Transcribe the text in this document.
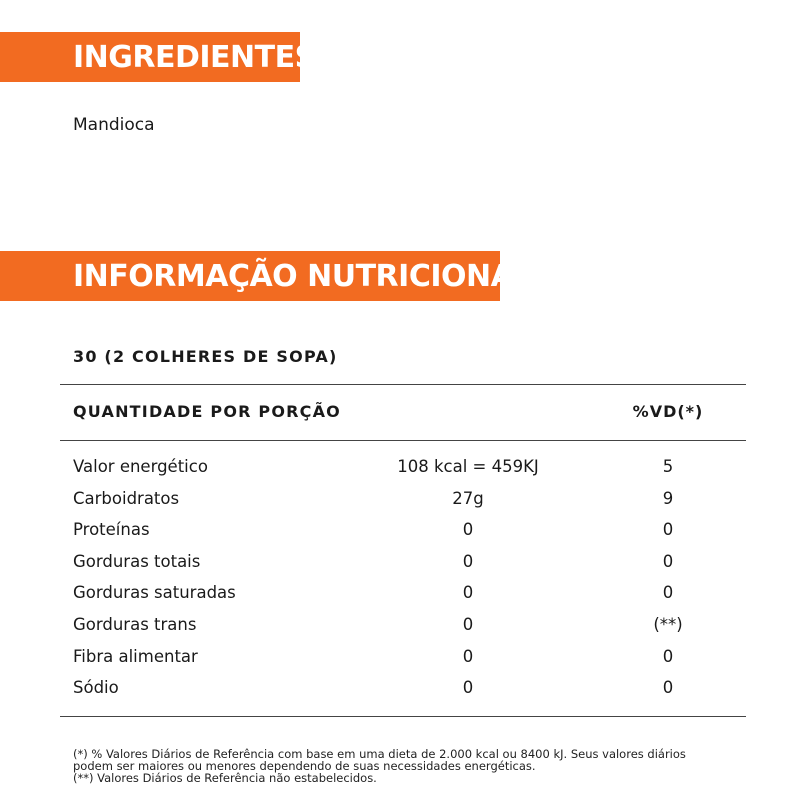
INGREDIENTES
Mandioca
INFORMAÇÃO NUTRICIONAL
30 (2 COLHERES DE SOPA)
QUANTIDADE POR PORÇÃO	%VD(*)
Valor energético	108 kcal = 459KJ	5
Carboidratos	27g	9
Proteínas	0	0
Gorduras totais	0	0
Gorduras saturadas	0	0
Gorduras trans	0	(**)
Fibra alimentar	0	0
Sódio	0	0
(*) % Valores Diários de Referência com base em uma dieta de 2.000 kcal ou 8400 kJ. Seus valores diários
podem ser maiores ou menores dependendo de suas necessidades energéticas.
(**) Valores Diários de Referência não estabelecidos.
